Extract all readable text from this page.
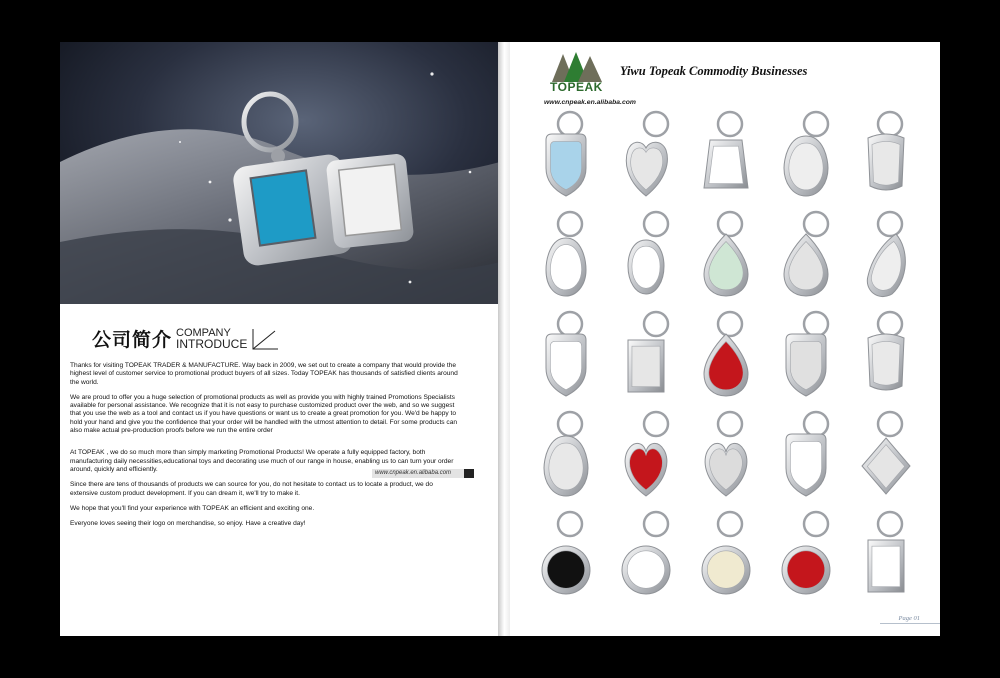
公司简介 COMPANY
INTRODUCE

Thanks for visiting TOPEAK TRADER & MANUFACTURE. Way back in 2009, we set out to create a company that would provide the highest level of customer service to promotional product buyers of all sizes. Today TOPEAK has thousands of satisfied clients around the world.

We are proud to offer you a huge selection of promotional products as well as provide you with highly trained Promotions Specialists available for personal assistance. We recognize that it is not easy to purchase customized product over the web, and so we suggest that you use the web as a tool and contact us if you have questions or want us to create a great promotion for you. We'd be happy to hold your hand and give you the confidence that your order will be handled with the utmost attention to detail. For some products can also make actual pre-production proofs before we run the entire order

At TOPEAK , we do so much more than simply marketing Promotional Products! We operate a fully equipped factory, both manufacturing daily necessities,educational toys and decorating use much of our range in house, enabling us to can turn your order around, quickly and efficiently.

Since there are tens of thousands of products we can source for you, do not hesitate to contact us to locate a product, we do extensive custom product development. If you can dream it, we'll try to make it.

We hope that you'll find your experience with TOPEAK an efficient and exciting one.

Everyone loves seeing their logo on merchandise, so enjoy. Have a creative day!

www.cnpeak.en.alibaba.com
TOPEAK
Yiwu Topeak Commodity Businesses
www.cnpeak.en.alibaba.com
Page 01
